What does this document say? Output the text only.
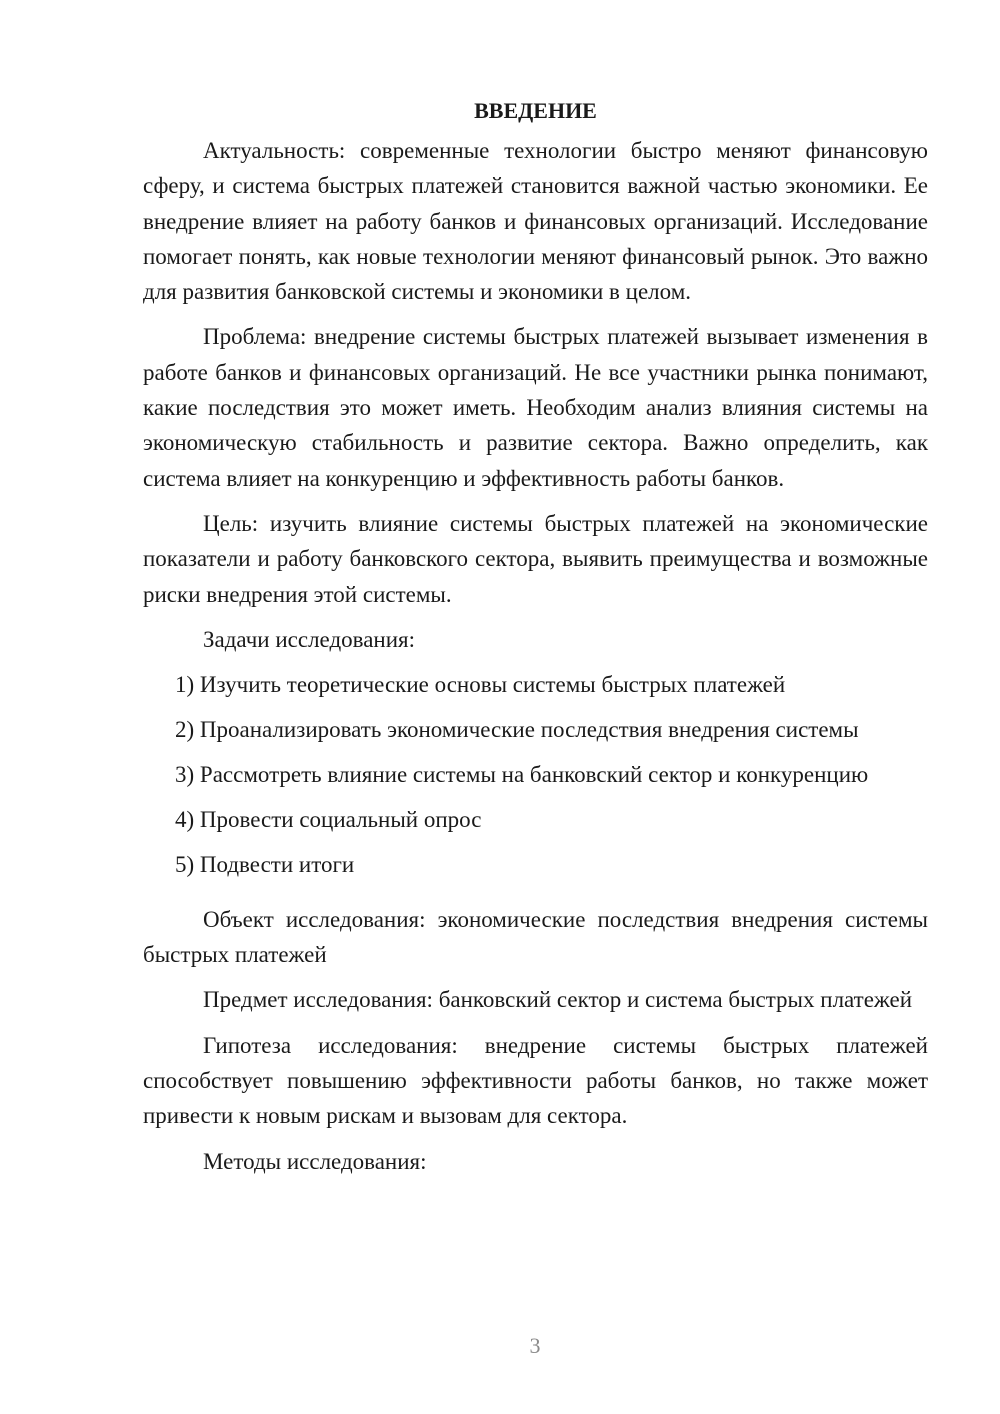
ВВЕДЕНИЕ

Актуальность: современные технологии быстро меняют финансовую сферу, и система быстрых платежей становится важной частью экономики. Ее внедрение влияет на работу банков и финансовых организаций. Исследование помогает понять, как новые технологии меняют финансовый рынок. Это важно для развития банковской системы и экономики в целом.

Проблема: внедрение системы быстрых платежей вызывает изменения в работе банков и финансовых организаций. Не все участники рынка понимают, какие последствия это может иметь. Необходим анализ влияния системы на экономическую стабильность и развитие сектора. Важно определить, как система влияет на конкуренцию и эффективность работы банков.

Цель: изучить влияние системы быстрых платежей на экономические показатели и работу банковского сектора, выявить преимущества и возможные риски внедрения этой системы.

Задачи исследования:

1) Изучить теоретические основы системы быстрых платежей
2) Проанализировать экономические последствия внедрения системы
3) Рассмотреть влияние системы на банковский сектор и конкуренцию
4) Провести социальный опрос
5) Подвести итоги

Объект исследования: экономические последствия внедрения системы быстрых платежей

Предмет исследования: банковский сектор и система быстрых платежей

Гипотеза исследования: внедрение системы быстрых платежей способствует повышению эффективности работы банков, но также может привести к новым рискам и вызовам для сектора.

Методы исследования:

3
